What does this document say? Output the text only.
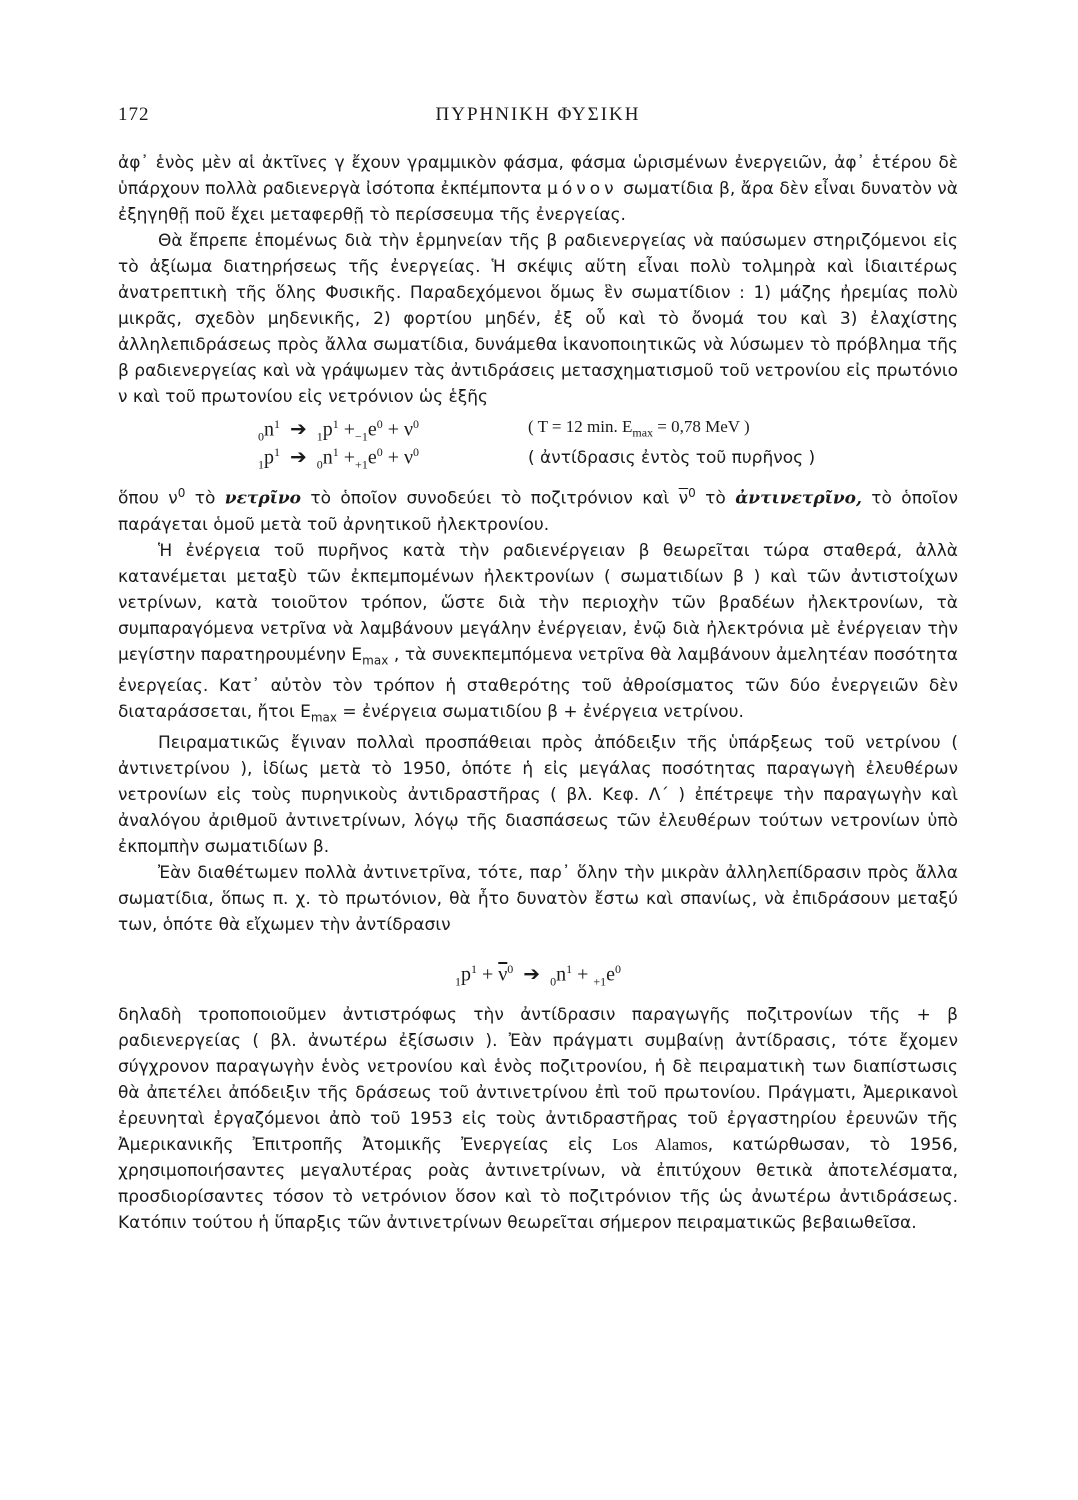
172	ΠΥΡΗΝΙΚΗ ΦΥΣΙΚΗ

ἀφ᾽ ἑνὸς μὲν αἱ ἀκτῖνες γ ἔχουν γραμμικὸν φάσμα, φάσμα ὡρισμένων ἐνεργειῶν, ἀφ᾽ ἑτέρου δὲ ὑπάρχουν πολλὰ ραδιενεργὰ ἰσότοπα ἐκπέμποντα μόνον σωματίδια β, ἄρα δὲν εἶναι δυνατὸν νὰ ἐξηγηθῇ ποῦ ἔχει μεταφερθῇ τὸ περίσσευμα τῆς ἐνεργείας.

Θὰ ἔπρεπε ἑπομένως διὰ τὴν ἑρμηνείαν τῆς β ραδιενεργείας νὰ παύσωμεν στηριζόμενοι εἰς τὸ ἀξίωμα διατηρήσεως τῆς ἐνεργείας. Ἡ σκέψις αὕτη εἶναι πολὺ τολμηρὰ καὶ ἰδιαιτέρως ἀνατρεπτικὴ τῆς ὅλης Φυσικῆς. Παραδεχόμενοι ὅμως ἓν σωματίδιον : 1) μάζης ἠρεμίας πολὺ μικρᾶς, σχεδὸν μηδενικῆς, 2) φορτίου μηδέν, ἐξ οὗ καὶ τὸ ὄνομά του καὶ 3) ἐλαχίστης ἀλληλεπιδράσεως πρὸς ἄλλα σωματίδια, δυνάμεθα ἱκανοποιητικῶς νὰ λύσωμεν τὸ πρόβλημα τῆς β ραδιενεργείας καὶ νὰ γράψωμεν τὰς ἀντιδράσεις μετασχηματισμοῦ τοῦ νετρονίου εἰς πρωτόνιο ν καὶ τοῦ πρωτονίου εἰς νετρόνιον ὡς ἑξῆς

$_0n^1$ ➔ $_1p^1 +_{-1}e^0 + \nu^0$	( T = 12 min. $E_{max} = 0,78$ MeV )
$_1p^1$ ➔ $_0n^1 +_{+1}e^0 + \nu^0$	( ἀντίδρασις ἐντὸς τοῦ πυρῆνος )

ὅπου $\nu^0$ τὸ νετρῖνο τὸ ὁποῖον συνοδεύει τὸ ποζιτρόνιον καὶ $\overline{\nu}^0$ τὸ ἀντινετρῖνο, τὸ ὁποῖον παράγεται ὁμοῦ μετὰ τοῦ ἀρνητικοῦ ἠλεκτρονίου.

Ἡ ἐνέργεια τοῦ πυρῆνος κατὰ τὴν ραδιενέργειαν β θεωρεῖται τώρα σταθερά, ἀλλὰ κατανέμεται μεταξὺ τῶν ἐκπεμπομένων ἠλεκτρονίων ( σωματιδίων β ) καὶ τῶν ἀντιστοίχων νετρίνων, κατὰ τοιοῦτον τρόπον, ὥστε διὰ τὴν περιοχὴν τῶν βραδέων ἠλεκτρονίων, τὰ συμπαραγόμενα νετρῖνα νὰ λαμβάνουν μεγάλην ἐνέργειαν, ἐνῷ διὰ ἠλεκτρόνια μὲ ἐνέργειαν τὴν μεγίστην παρατηρουμένην $E_{max}$ , τὰ συνεκπεμπόμενα νετρῖνα θὰ λαμβάνουν ἀμελητέαν ποσότητα ἐνεργείας. Κατ᾽ αὐτὸν τὸν τρόπον ἡ σταθερότης τοῦ ἀθροίσματος τῶν δύο ἐνεργειῶν δὲν διαταράσσεται, ἤτοι $E_{max}$ = ἐνέργεια σωματιδίου β + ἐνέργεια νετρίνου.

Πειραματικῶς ἔγιναν πολλαὶ προσπάθειαι πρὸς ἀπόδειξιν τῆς ὑπάρξεως τοῦ νετρίνου ( ἀντινετρίνου ), ἰδίως μετὰ τὸ 1950, ὁπότε ἡ εἰς μεγάλας ποσότητας παραγωγὴ ἐλευθέρων νετρονίων εἰς τοὺς πυρηνικοὺς ἀντιδραστῆρας ( βλ. Κεφ. Λ΄ ) ἐπέτρεψε τὴν παραγωγὴν καὶ ἀναλόγου ἀριθμοῦ ἀντινετρίνων, λόγῳ τῆς διασπάσεως τῶν ἐλευθέρων τούτων νετρονίων ὑπὸ ἐκπομπὴν σωματιδίων β.

Ἐὰν διαθέτωμεν πολλὰ ἀντινετρῖνα, τότε, παρ᾽ ὅλην τὴν μικρὰν ἀλληλεπίδρασιν πρὸς ἄλλα σωματίδια, ὅπως π. χ. τὸ πρωτόνιον, θὰ ἦτο δυνατὸν ἔστω καὶ σπανίως, νὰ ἐπιδράσουν μεταξύ των, ὁπότε θὰ εἴχωμεν τὴν ἀντίδρασιν

$_1p^1 + \overline{\nu}^0$ ➔ $_0n^1 + _{+1}e^0$

δηλαδὴ τροποποιοῦμεν ἀντιστρόφως τὴν ἀντίδρασιν παραγωγῆς ποζιτρονίων τῆς + β ραδιενεργείας ( βλ. ἀνωτέρω ἐξίσωσιν ). Ἐὰν πράγματι συμβαίνῃ ἀντίδρασις, τότε ἔχομεν σύγχρονον παραγωγὴν ἑνὸς νετρονίου καὶ ἑνὸς ποζιτρονίου, ἡ δὲ πειραματικὴ των διαπίστωσις θὰ ἀπετέλει ἀπόδειξιν τῆς δράσεως τοῦ ἀντινετρίνου ἐπὶ τοῦ πρωτονίου. Πράγματι, Ἀμερικανοὶ ἐρευνηταὶ ἐργαζόμενοι ἀπὸ τοῦ 1953 εἰς τοὺς ἀντιδραστῆρας τοῦ ἐργαστηρίου ἐρευνῶν τῆς Ἀμερικανικῆς Ἐπιτροπῆς Ἀτομικῆς Ἐνεργείας εἰς Los Alamos, κατώρθωσαν, τὸ 1956, χρησιμοποιήσαντες μεγαλυτέρας ροὰς ἀντινετρίνων, νὰ ἐπιτύχουν θετικὰ ἀποτελέσματα, προσδιορίσαντες τόσον τὸ νετρόνιον ὅσον καὶ τὸ ποζιτρόνιον τῆς ὡς ἀνωτέρω ἀντιδράσεως. Κατόπιν τούτου ἡ ὕπαρξις τῶν ἀντινετρίνων θεωρεῖται σήμερον πειραματικῶς βεβαιωθεῖσα.
